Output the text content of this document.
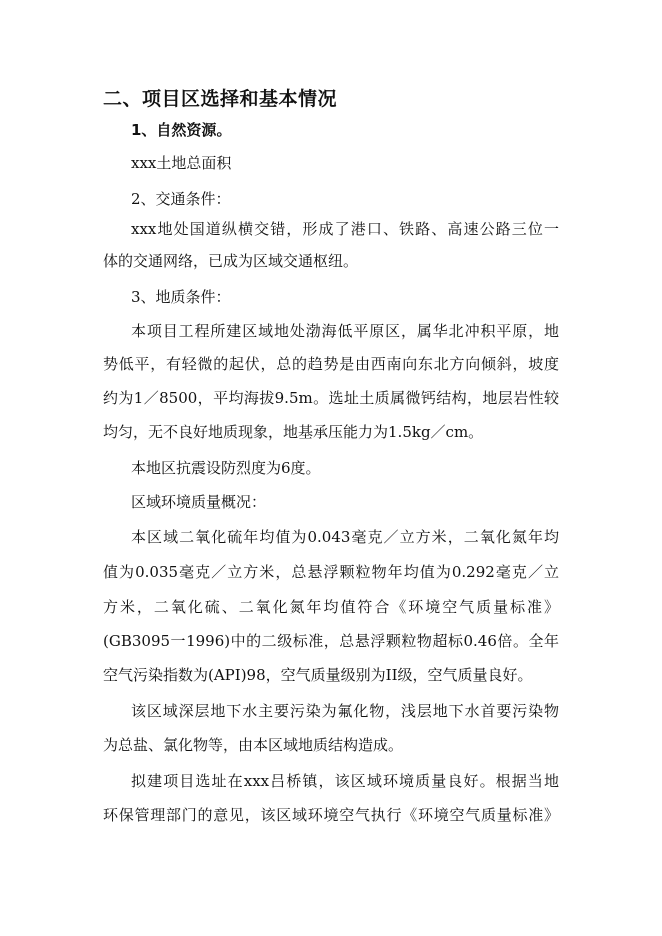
二、项目区选择和基本情况
1、自然资源。
xxx土地总面积
2、交通条件：
xxx地处国道纵横交错，形成了港口、铁路、高速公路三位一
体的交通网络，已成为区域交通枢纽。
3、地质条件：
本项目工程所建区域地处渤海低平原区，属华北冲积平原，地
势低平，有轻微的起伏，总的趋势是由西南向东北方向倾斜，坡度
约为1／8500，平均海拔9.5m。选址土质属微钙结构，地层岩性较
均匀，无不良好地质现象，地基承压能力为1.5kg／cm。
本地区抗震设防烈度为6度。
区域环境质量概况：
本区域二氧化硫年均值为0.043毫克／立方米，二氧化氮年均
值为0.035毫克／立方米，总悬浮颗粒物年均值为0.292毫克／立
方米，二氧化硫、二氧化氮年均值符合《环境空气质量标准》
(GB3095一1996)中的二级标准，总悬浮颗粒物超标0.46倍。全年
空气污染指数为(API)98，空气质量级别为II级，空气质量良好。
该区域深层地下水主要污染为氟化物，浅层地下水首要污染物
为总盐、氯化物等，由本区域地质结构造成。
拟建项目选址在xxx吕桥镇，该区域环境质量良好。根据当地
环保管理部门的意见，该区域环境空气执行《环境空气质量标准》
